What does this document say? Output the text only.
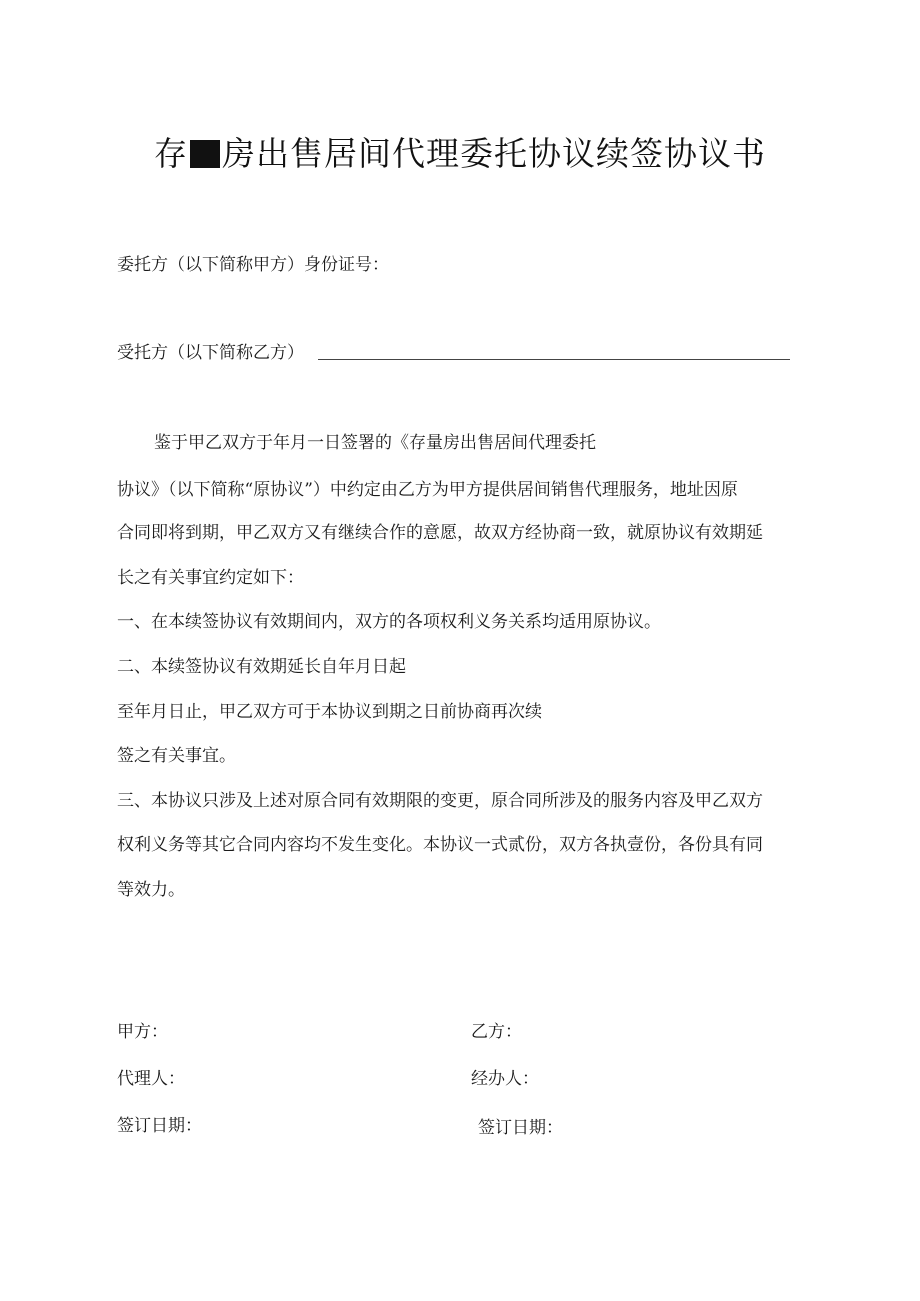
存 房出售居间代理委托协议续签协议书
委托方（以下简称甲方）身份证号：
受托方（以下简称乙方）
鉴于甲乙双方于年月一日签署的《存量房出售居间代理委托
协议》（以下简称“原协议”）中约定由乙方为甲方提供居间销售代理服务，地址因原
合同即将到期，甲乙双方又有继续合作的意愿，故双方经协商一致，就原协议有效期延
长之有关事宜约定如下：
一、在本续签协议有效期间内，双方的各项权利义务关系均适用原协议。
二、本续签协议有效期延长自年月日起
至年月日止，甲乙双方可于本协议到期之日前协商再次续
签之有关事宜。
三、本协议只涉及上述对原合同有效期限的变更，原合同所涉及的服务内容及甲乙双方
权利义务等其它合同内容均不发生变化。本协议一式贰份，双方各执壹份，各份具有同
等效力。
甲方：	乙方：
代理人：	经办人：
签订日期：	签订日期：
